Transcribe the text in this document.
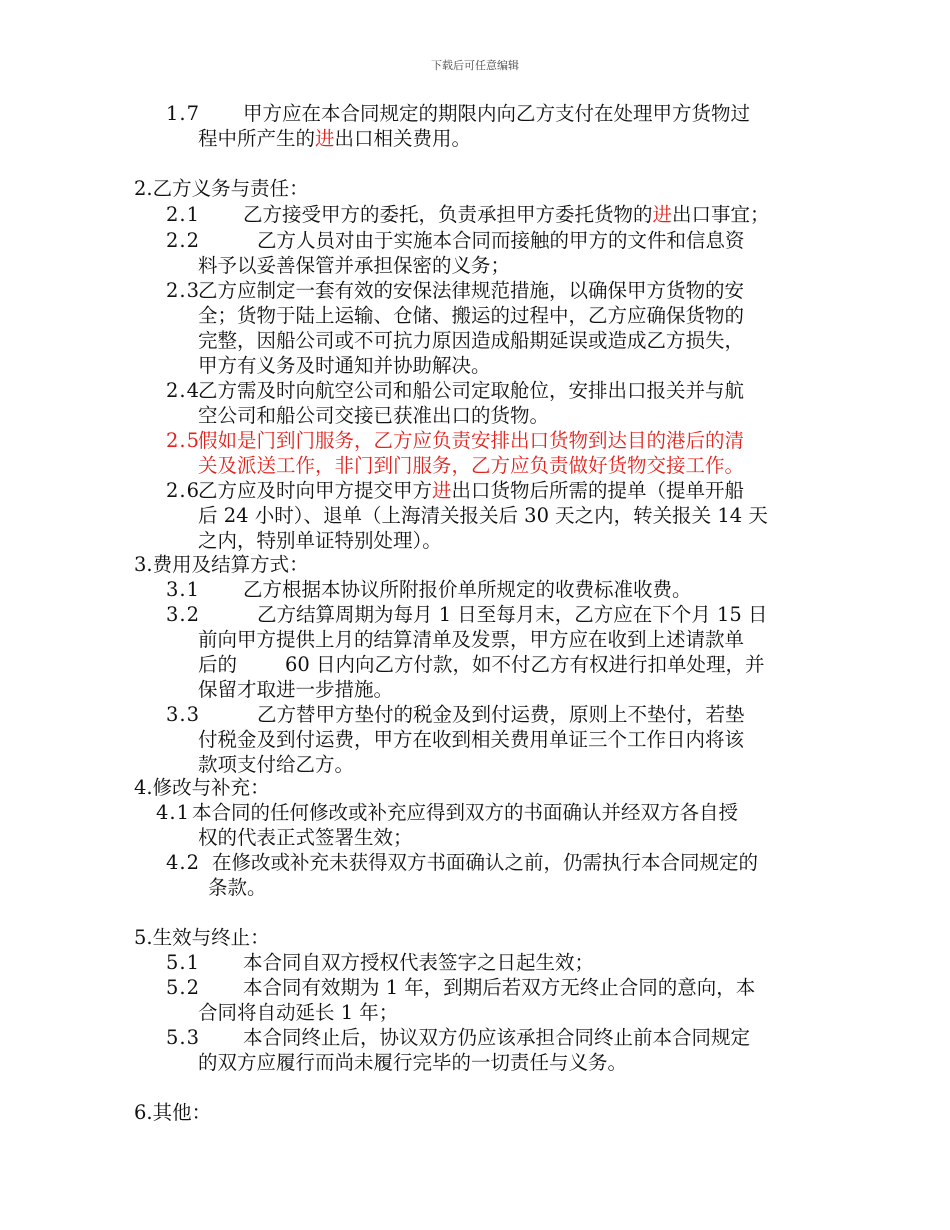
下载后可任意编辑
1.7 甲方应在本合同规定的期限内向乙方支付在处理甲方货物过
程中所产生的进出口相关费用。
2.乙方义务与责任：
2.1 乙方接受甲方的委托，负责承担甲方委托货物的进出口事宜；
2.2	乙方人员对由于实施本合同而接触的甲方的文件和信息资
料予以妥善保管并承担保密的义务；
2.3
乙方应制定一套有效的安保法律规范措施，以确保甲方货物的安
全；货物于陆上运输、仓储、搬运的过程中，乙方应确保货物的
完整，因船公司或不可抗力原因造成船期延误或造成乙方损失，
甲方有义务及时通知并协助解决。
2.4
乙方需及时向航空公司和船公司定取舱位，安排出口报关并与航
空公司和船公司交接已获准出口的货物。
2.5
假如是门到门服务，乙方应负责安排出口货物到达目的港后的清
关及派送工作，非门到门服务，乙方应负责做好货物交接工作。
2.6
乙方应及时向甲方提交甲方进出口货物后所需的提单（提单开船
后 24 小时）、退单（上海清关报关后 30 天之内，转关报关 14 天
之内，特别单证特别处理）。
3.费用及结算方式：
3.1 乙方根据本协议所附报价单所规定的收费标准收费。
3.2	乙方结算周期为每月 1 日至每月末，乙方应在下个月 15 日
前向甲方提供上月的结算清单及发票，甲方应在收到上述请款单
后的 60 日内向乙方付款，如不付乙方有权进行扣单处理，并
保留才取进一步措施。
3.3	乙方替甲方垫付的税金及到付运费，原则上不垫付，若垫
付税金及到付运费，甲方在收到相关费用单证三个工作日内将该
款项支付给乙方。
4.修改与补充：
4.1 本合同的任何修改或补充应得到双方的书面确认并经双方各自授
权的代表正式签署生效；
4.2 在修改或补充未获得双方书面确认之前，仍需执行本合同规定的
条款。
5.生效与终止：
5.1 本合同自双方授权代表签字之日起生效；
5.2 本合同有效期为 1 年，到期后若双方无终止合同的意向，本
合同将自动延长 1 年；
5.3 本合同终止后，协议双方仍应该承担合同终止前本合同规定
的双方应履行而尚未履行完毕的一切责任与义务。
6.其他：
